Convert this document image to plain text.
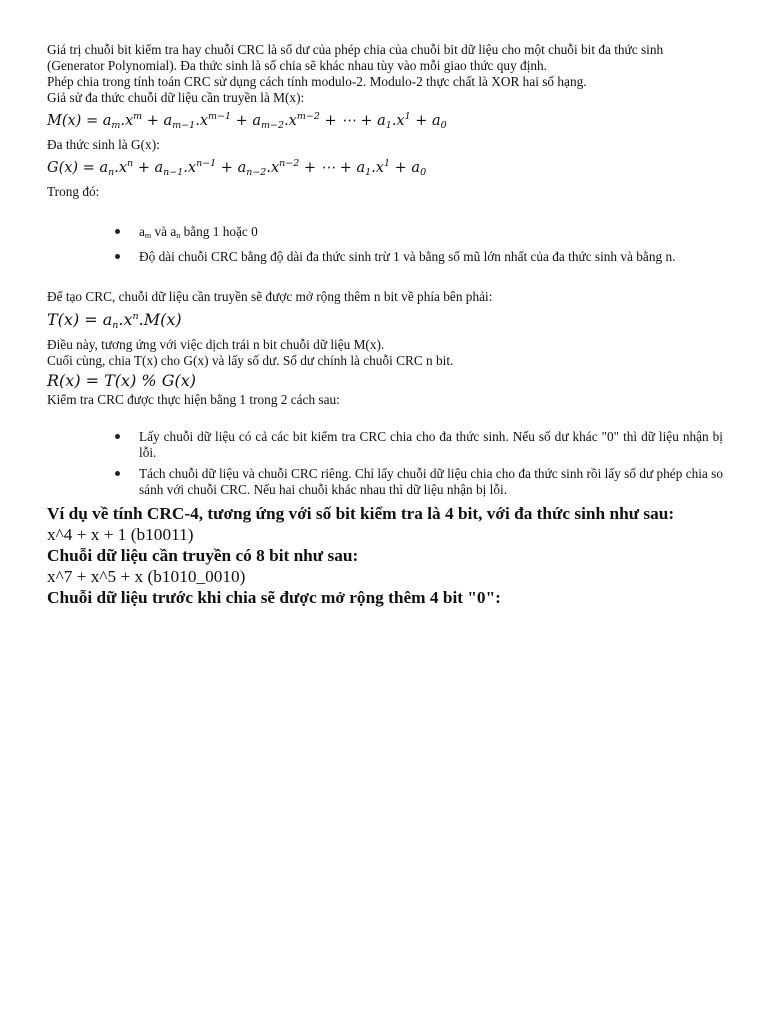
Giá trị chuỗi bit kiểm tra hay chuỗi CRC là số dư của phép chia của chuỗi bit dữ liệu cho một chuỗi bit đa thức sinh (Generator Polynomial). Đa thức sinh là số chia sẽ khác nhau tùy vào mỗi giao thức quy định.

Phép chia trong tính toán CRC sử dụng cách tính modulo-2. Modulo-2 thực chất là XOR hai số hạng.

Giả sử đa thức chuỗi dữ liệu cần truyền là M(x):

$M(x) = a_m.x^m + a_{m-1}.x^{m-1} + a_{m-2}.x^{m-2}$ + ⋯ + $a_1.x^1 + a_0$

Đa thức sinh là G(x):

$G(x) = a_n.x^n + a_{n-1}.x^{n-1} + a_{n-2}.x^{n-2}$ + ⋯ + $a_1.x^1 + a_0$

Trong đó:

am và an bằng 1 hoặc 0
Độ dài chuỗi CRC bằng độ dài đa thức sinh trừ 1 và bằng số mũ lớn nhất của đa thức sinh và bằng n.

Để tạo CRC, chuỗi dữ liệu cần truyền sẽ được mở rộng thêm n bit về phía bên phải:

$T(x) = a_n.x^n.M(x)$

Điều này, tương ứng với việc dịch trái n bit chuỗi dữ liệu M(x).

Cuối cùng, chia T(x) cho G(x) và lấy số dư. Số dư chính là chuỗi CRC n bit.

R(x) = T(x) % G(x)

Kiểm tra CRC được thực hiện bằng 1 trong 2 cách sau:

Lấy chuỗi dữ liệu có cả các bit kiểm tra CRC chia cho đa thức sinh. Nếu số dư khác "0" thì dữ liệu nhận bị lỗi.
Tách chuỗi dữ liệu và chuỗi CRC riêng. Chỉ lấy chuỗi dữ liệu chia cho đa thức sinh rồi lấy số dư phép chia so sánh với chuỗi CRC. Nếu hai chuỗi khác nhau thì dữ liệu nhận bị lỗi.

Ví dụ về tính CRC-4, tương ứng với số bit kiểm tra là 4 bit, với đa thức sinh như sau:

x^4 + x + 1 (b10011)

Chuỗi dữ liệu cần truyền có 8 bit như sau:

x^7 + x^5 + x (b1010_0010)

Chuỗi dữ liệu trước khi chia sẽ được mở rộng thêm 4 bit "0":
